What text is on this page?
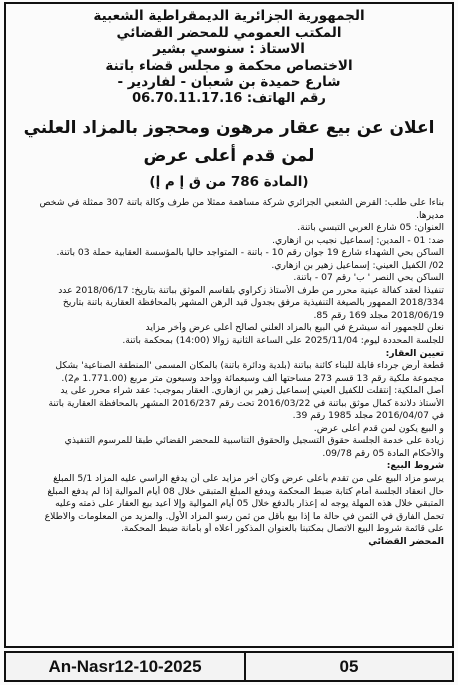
الجمهورية الجزائرية الديمقراطية الشعبية

المكتب العمومي للمحضر القضائي

الاستاذ : سنوسي بشير

الاختصاص محكمة و مجلس قضاء باتنة

شارع حميدة بن شعبان - لفاردير -

رقم الهاتف: 06.70.11.17.16

اعلان عن بيع عقار مرهون ومحجوز بالمزاد العلني

لمن قدم أعلى عرض

(المادة 786 من ق إ م إ)

بناءا على طلب: القرض الشعبي الجزائري شركة مساهمة ممثلا من طرف وكالة باتنة 307 ممثلة في شخص

مديرها.

العنوان: 05 شارع العربي التبسي باتنة.

ضد: 01 - المدين: إسماعيل نجيب بن ازهاري.

الساكن بحي الشهداء شارع 19 جوان رقم 10 - باتنة - المتواجد حاليا بالمؤسسة العقابية حملة 03 باتنة.

02/ الكفيل العيني: إسماعيل زهير بن ازهاري.

الساكن بحي النصر ' ب' رقم 07 - باتنة.

تنفيذا لعقد كفالة عينية محرر من طرف الأستاذ زكراوي بلقاسم الموثق بباتنة بتاريخ: 2018/06/17 عدد

2018/334 الممهور بالصيغة التنفيذية مرفق بجدول قيد الرهن المشهر بالمحافظة العقارية باتنة بتاريخ

2018/06/19 مجلد 169 رقم 85.

نعلن للجمهور أنه سيشرع في البيع بالمزاد العلني لصالح أعلى عرض وأخر مزايد

للجلسة المحددة ليوم: 2025/11/04 على الساعة الثانية زوالا (14:00) بمحكمة باتنة.

تعيين العقار:

قطعة أرض جرداء قابلة للبناء كائنة بباتنة (بلدية ودائرة باتنة) بالمكان المسمى 'المنطقة الصناعية' بشكل

مجموعة ملكية رقم 13 قسم 273 مساحتها ألف وسبعمائة وواحد وسبعون متر مربع (1.771.00 م2).

أصل الملكية: إنتقلت للكفيل العيني إسماعيل زهير بن ازهاري. العقار بموجب: عقد شراء محرر على يد

الأستاذ دلاندة كمال موثق بباتنة في 2016/03/22 تحت رقم 2016/237 المشهر بالمحافظة العقارية باتنة

في 2016/04/07 مجلد 1985 رقم 39.

و البيع يكون لمن قدم أعلى عرض.

زيادة على خدمة الجلسة حقوق التسجيل والحقوق التناسبية للمحضر القضائي طبقا للمرسوم التنفيذي

والأحكام المادة 05 رقم 09/78.

شروط البيع:

يرسو مزاد البيع على من تقدم بأعلى عرض وكان أخر مزايد على أن يدفع الراسي عليه المزاد 5/1 المبلغ

حال انعقاد الجلسة أمام كتابة ضبط المحكمة ويدفع المبلغ المتبقي خلال 08 أيام الموالية إذا لم يدفع المبلغ

المتبقي خلال هذه المهلة يوجه له إعذار بالدفع خلال 05 أيام الموالية وإلا أعيد بيع العقار على ذمته وعليه

تحمل الفارق في الثمن في حالة ما إذا بيع بأقل من ثمن رسو المزاد الأول. والمزيد من المعلومات والاطلاع

على قائمة شروط البيع الاتصال بمكتبنا بالعنوان المذكور أعلاه أو بأمانة ضبط المحكمة.

المحضر القضائي

An-Nasr12-10-2025	05
